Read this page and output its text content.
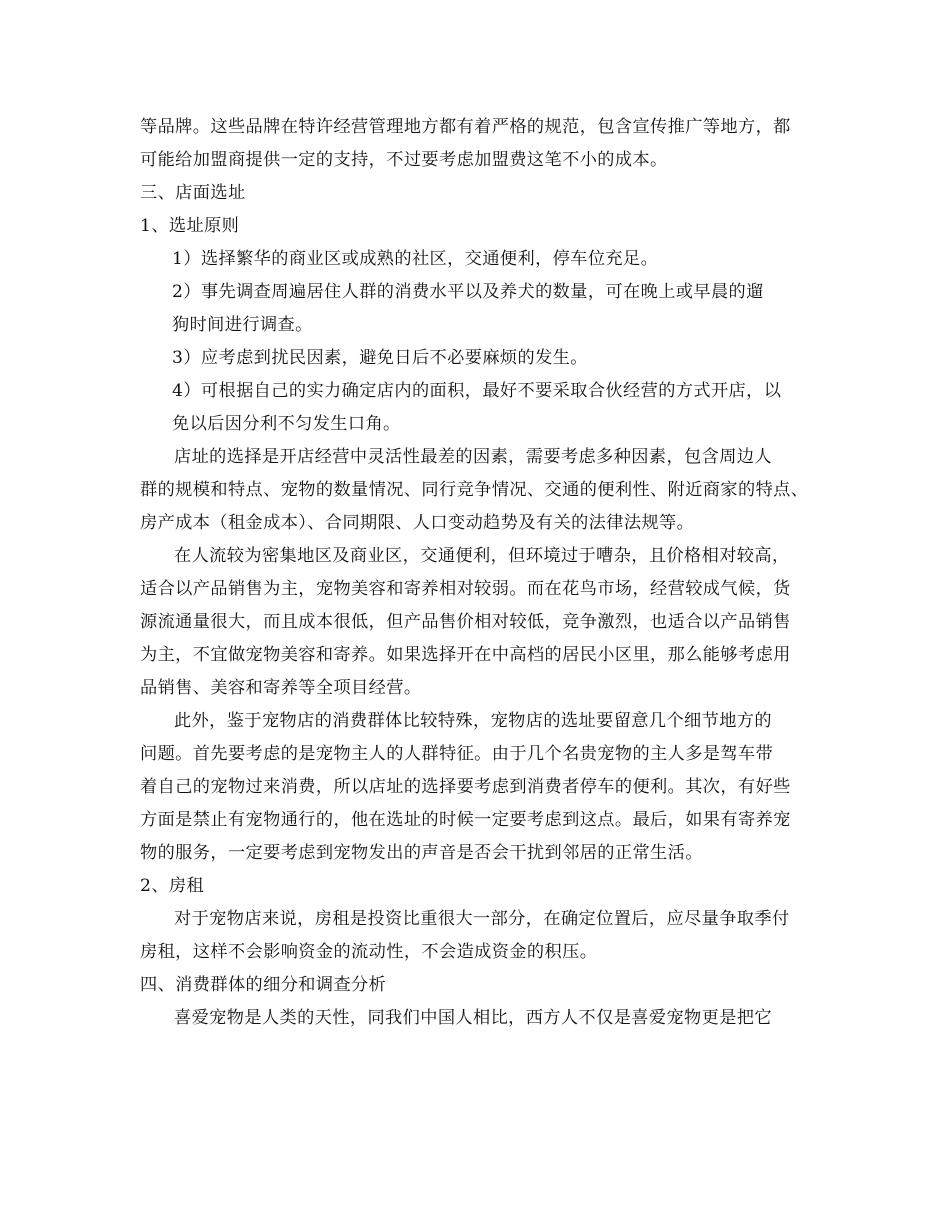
等品牌。这些品牌在特许经营管理地方都有着严格的规范，包含宣传推广等地方，都
可能给加盟商提供一定的支持，不过要考虑加盟费这笔不小的成本。
三、店面选址
1、选址原则
1）选择繁华的商业区或成熟的社区，交通便利，停车位充足。
2）事先调查周遍居住人群的消费水平以及养犬的数量，可在晚上或早晨的遛
狗时间进行调查。
3）应考虑到扰民因素，避免日后不必要麻烦的发生。
4）可根据自己的实力确定店内的面积，最好不要采取合伙经营的方式开店，以
免以后因分利不匀发生口角。
店址的选择是开店经营中灵活性最差的因素，需要考虑多种因素，包含周边人
群的规模和特点、宠物的数量情况、同行竞争情况、交通的便利性、附近商家的特点、
房产成本（租金成本）、合同期限、人口变动趋势及有关的法律法规等。
在人流较为密集地区及商业区，交通便利，但环境过于嘈杂，且价格相对较高，
适合以产品销售为主，宠物美容和寄养相对较弱。而在花鸟市场，经营较成气候，货
源流通量很大，而且成本很低，但产品售价相对较低，竞争激烈，也适合以产品销售
为主，不宜做宠物美容和寄养。如果选择开在中高档的居民小区里，那么能够考虑用
品销售、美容和寄养等全项目经营。
此外，鉴于宠物店的消费群体比较特殊，宠物店的选址要留意几个细节地方的
问题。首先要考虑的是宠物主人的人群特征。由于几个名贵宠物的主人多是驾车带
着自己的宠物过来消费，所以店址的选择要考虑到消费者停车的便利。其次，有好些
方面是禁止有宠物通行的，他在选址的时候一定要考虑到这点。最后，如果有寄养宠
物的服务，一定要考虑到宠物发出的声音是否会干扰到邻居的正常生活。
2、房租
对于宠物店来说，房租是投资比重很大一部分，在确定位置后，应尽量争取季付
房租，这样不会影响资金的流动性，不会造成资金的积压。
四、消费群体的细分和调查分析
喜爱宠物是人类的天性，同我们中国人相比，西方人不仅是喜爱宠物更是把它
